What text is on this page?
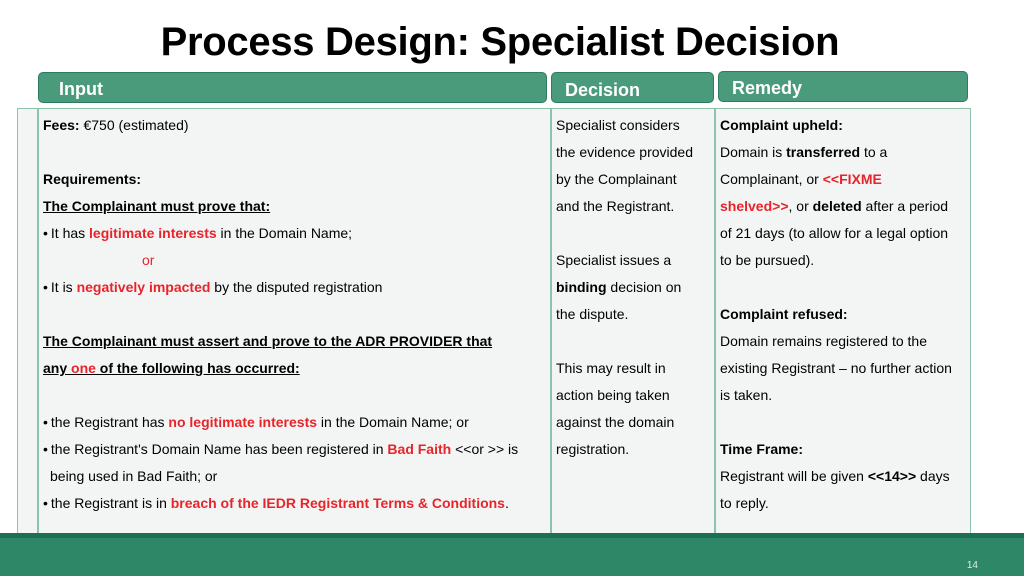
Process Design: Specialist Decision
Input	Decision	Remedy
Fees: €750 (estimated)
Requirements:
The Complainant must prove that:
• It has legitimate interests in the Domain Name;
or
• It is negatively impacted by the disputed registration
The Complainant must assert and prove to the ADR PROVIDER that
any one of the following has occurred:
• the Registrant has no legitimate interests in the Domain Name; or
• the Registrant's Domain Name has been registered in Bad Faith <<or >> is
being used in Bad Faith; or
• the Registrant is in breach of the IEDR Registrant Terms & Conditions.
Specialist considers
the evidence provided
by the Complainant
and the Registrant.
Specialist issues a
binding decision on
the dispute.
This may result in
action being taken
against the domain
registration.
Complaint upheld:
Domain is transferred to a
Complainant, or <<FIXME
shelved>>, or deleted after a period
of 21 days (to allow for a legal option
to be pursued).
Complaint refused:
Domain remains registered to the
existing Registrant – no further action
is taken.
Time Frame:
Registrant will be given <<14>> days
to reply.
14
